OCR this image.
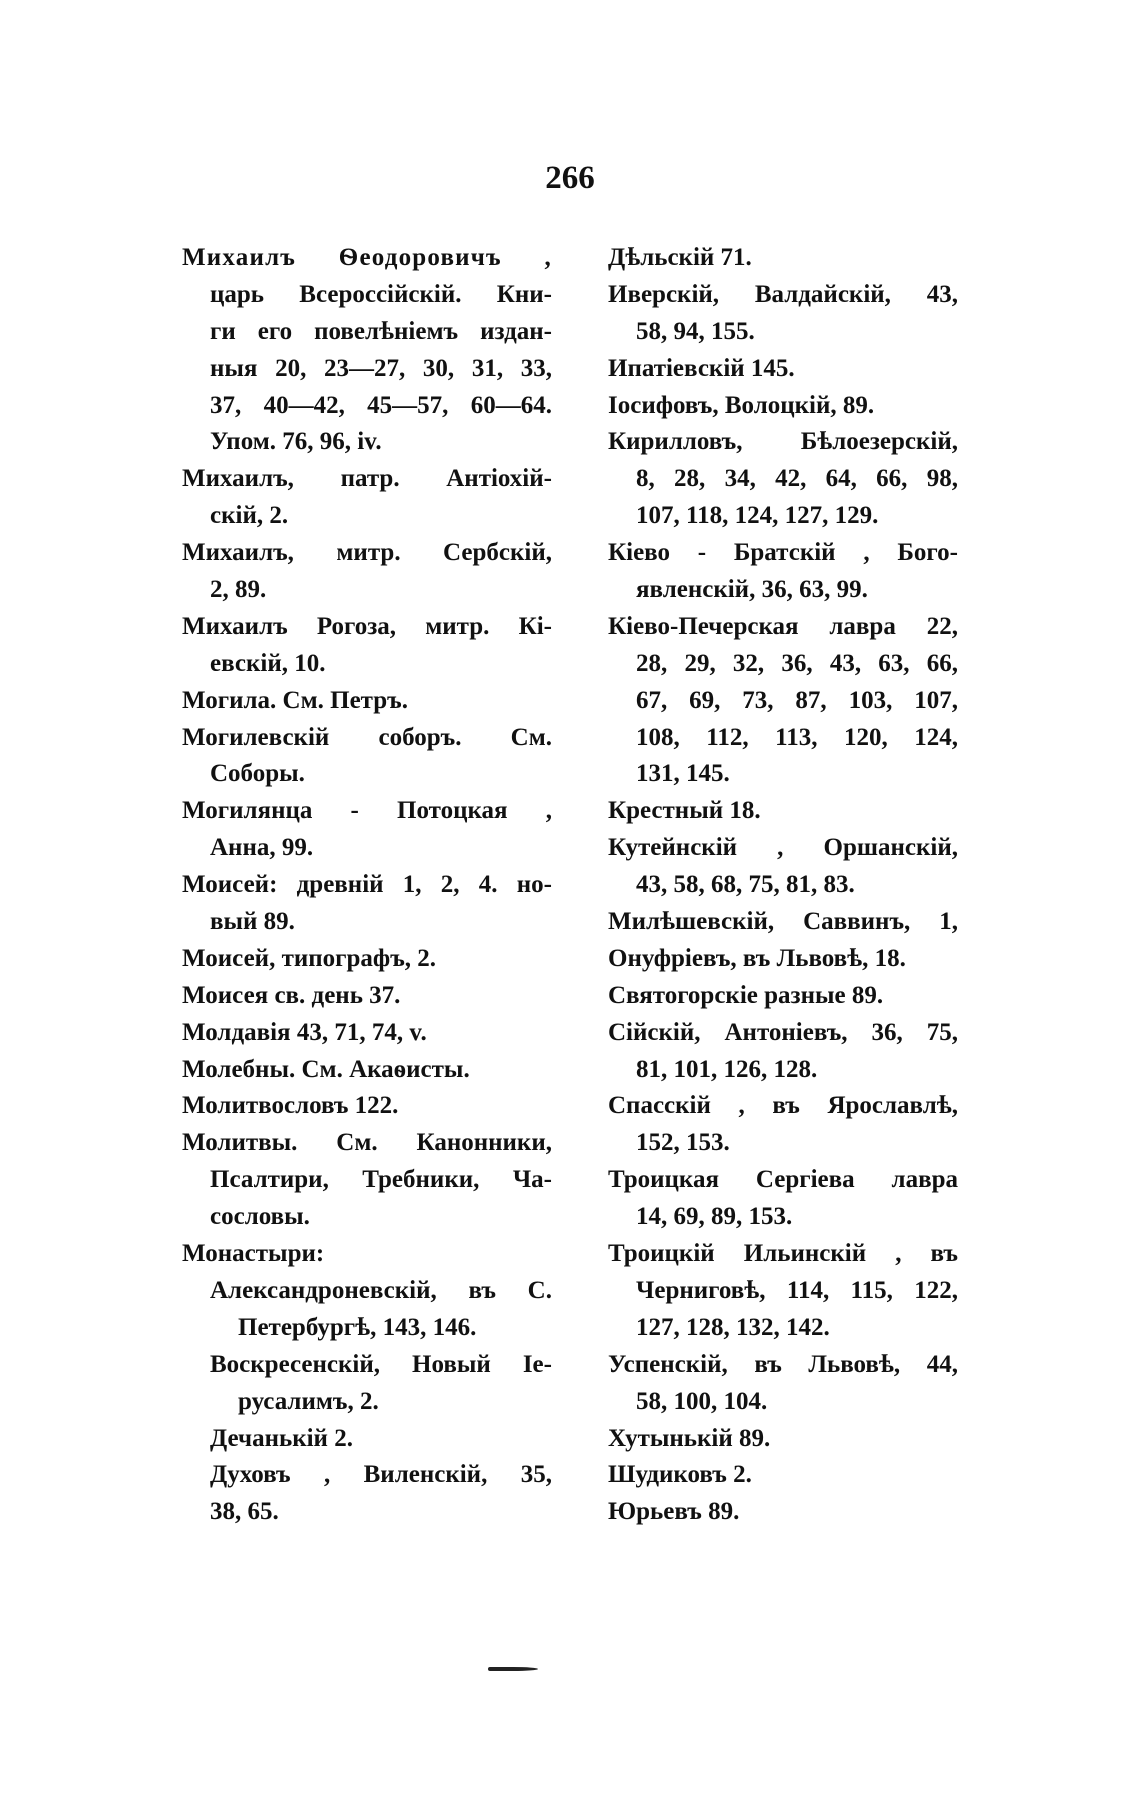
266
Михаилъ Ѳеодоровичъ ,
царь Всероссійскій. Кни-
ги его повелѣніемъ издан-
ныя 20, 23—27, 30, 31, 33,
37, 40—42, 45—57, 60—64.
Упом. 76, 96, iv.
Михаилъ, патр. Антіохій-
скій, 2.
Михаилъ, митр. Сербскій,
2, 89.
Михаилъ Рогоза, митр. Кі-
евскій, 10.
Могила. См. Петръ.
Могилевскій соборъ. См.
Соборы.
Могилянца - Потоцкая ,
Анна, 99.
Моисей: древній 1, 2, 4. но-
вый 89.
Моисей, типографъ, 2.
Моисея св. день 37.
Молдавія 43, 71, 74, v.
Молебны. См. Акаѳисты.
Молитвословъ 122.
Молитвы. См. Канонники,
Псалтири, Требники, Ча-
сословы.
Монастыри:
Александроневскій, въ С.
Петербургѣ, 143, 146.
Воскресенскій, Новый Іе-
русалимъ, 2.
Дечанькій 2.
Духовъ , Виленскій, 35,
38, 65.
Дѣльскій 71.
Иверскій, Валдайскій, 43,
58, 94, 155.
Ипатіевскій 145.
Іосифовъ, Волоцкій, 89.
Кирилловъ, Бѣлоезерскій,
8, 28, 34, 42, 64, 66, 98,
107, 118, 124, 127, 129.
Кіево - Братскій , Бого-
явленскій, 36, 63, 99.
Кіево-Печерская лавра 22,
28, 29, 32, 36, 43, 63, 66,
67, 69, 73, 87, 103, 107,
108, 112, 113, 120, 124,
131, 145.
Крестный 18.
Кутейнскій , Оршанскій,
43, 58, 68, 75, 81, 83.
Милѣшевскій, Саввинъ, 1,
Онуфріевъ, въ Львовѣ, 18.
Святогорскіе разные 89.
Сійскій, Антоніевъ, 36, 75,
81, 101, 126, 128.
Спасскій , въ Ярославлѣ,
152, 153.
Троицкая Сергіева лавра
14, 69, 89, 153.
Троицкій Ильинскій , въ
Черниговѣ, 114, 115, 122,
127, 128, 132, 142.
Успенскій, въ Львовѣ, 44,
58, 100, 104.
Хутынькій 89.
Шудиковъ 2.
Юрьевъ 89.
